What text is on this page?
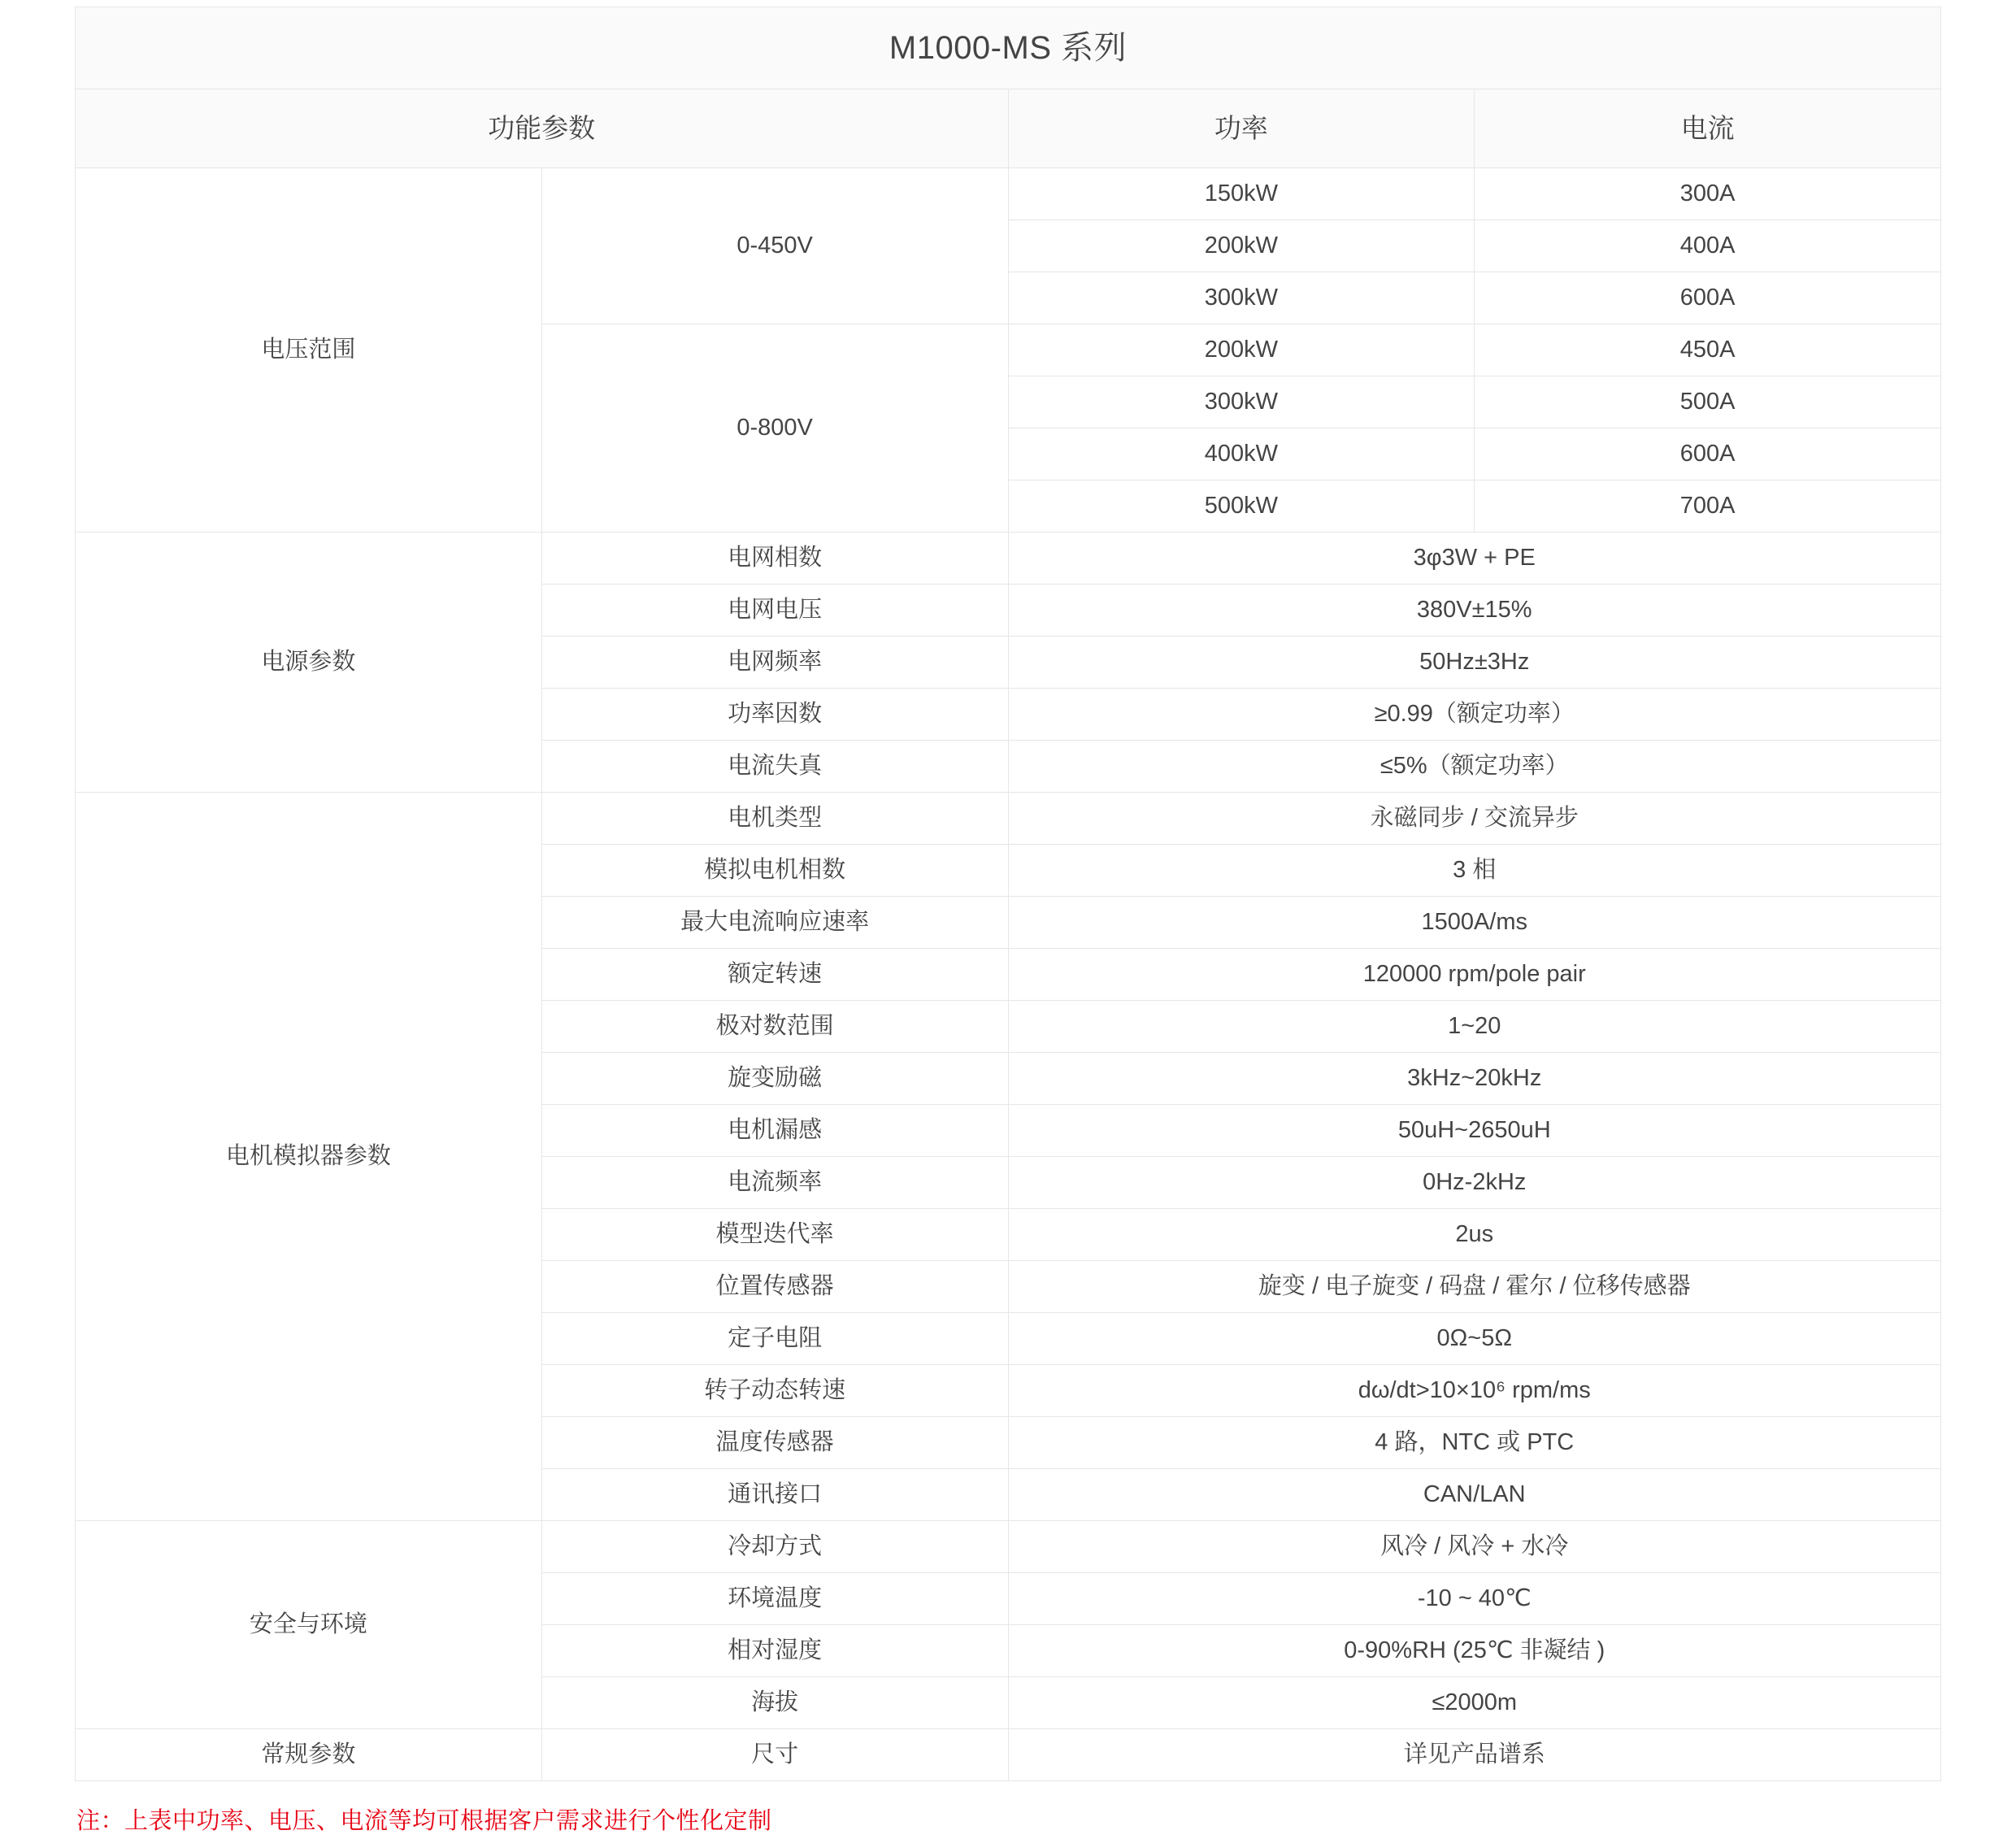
M1000-MS 系列			
功能参数		功率	电流
电压范围	0-450V	150kW	300A
		200kW	400A
		300kW	600A
	0-800V	200kW	450A
		300kW	500A
		400kW	600A
		500kW	700A
电源参数	电网相数	3φ3W + PE	
	电网电压	380V±15%	
	电网频率	50Hz±3Hz	
	功率因数	≥0.99（额定功率）	
	电流失真	≤5%（额定功率）	
电机模拟器参数	电机类型	永磁同步 / 交流异步	
	模拟电机相数	3 相	
	最大电流响应速率	1500A/ms	
	额定转速	120000 rpm/pole pair	
	极对数范围	1~20	
	旋变励磁	3kHz~20kHz	
	电机漏感	50uH~2650uH	
	电流频率	0Hz-2kHz	
	模型迭代率	2us	
	位置传感器	旋变 / 电子旋变 / 码盘 / 霍尔 / 位移传感器	
	定子电阻	0Ω~5Ω	
	转子动态转速	dω/dt>10×10⁶ rpm/ms	
	温度传感器	4 路，NTC 或 PTC	
	通讯接口	CAN/LAN	
安全与环境	冷却方式	风冷 / 风冷 + 水冷	
	环境温度	-10 ~ 40℃	
	相对湿度	0-90%RH (25℃ 非凝结 )	
	海拔	≤2000m	
常规参数	尺寸	详见产品谱系	
注：上表中功率、电压、电流等均可根据客户需求进行个性化定制
